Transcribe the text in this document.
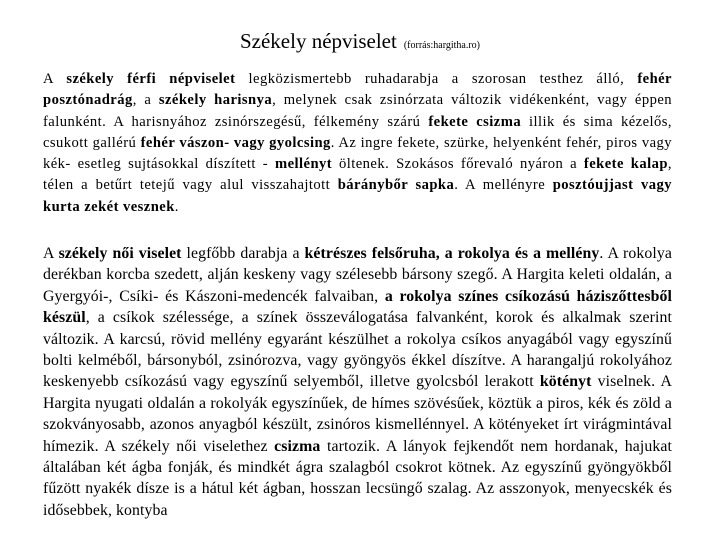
Székely népviselet (forrás:hargitha.ro)

A székely férfi népviselet legközismertebb ruhadarabja a szorosan testhez álló, fehér posztónadrág, a székely harisnya, melynek csak zsinórzata változik vidékenként, vagy éppen falunként. A harisnyához zsinórszegésű, félkemény szárú fekete csizma illik és sima kézelős, csukott gallérú fehér vászon- vagy gyolcsing. Az ingre fekete, szürke, helyenként fehér, piros vagy kék- esetleg sujtásokkal díszített - mellényt öltenek. Szokásos főrevaló nyáron a fekete kalap, télen a betűrt tetejű vagy alul visszahajtott báránybőr sapka. A mellényre posztóujjast vagy kurta zekét vesznek.

A székely női viselet legfőbb darabja a kétrészes felsőruha, a rokolya és a mellény. A rokolya derékban korcba szedett, alján keskeny vagy szélesebb bársony szegő. A Hargita keleti oldalán, a Gyergyói-, Csíki- és Kászoni-medencék falvaiban, a rokolya színes csíkozású háziszőttesből készül, a csíkok szélessége, a színek összeválogatása falvanként, korok és alkalmak szerint változik. A karcsú, rövid mellény egyaránt készülhet a rokolya csíkos anyagából vagy egyszínű bolti kelméből, bársonyból, zsinórozva, vagy gyöngyös ékkel díszítve. A harangaljú rokolyához keskenyebb csíkozású vagy egyszínű selyemből, illetve gyolcsból lerakott kötényt viselnek. A Hargita nyugati oldalán a rokolyák egyszínűek, de hímes szövésűek, köztük a piros, kék és zöld a szokványosabb, azonos anyagból készült, zsinóros kismellénnyel. A kötényeket írt virágmintával hímezik. A székely női viselethez csizma tartozik. A lányok fejkendőt nem hordanak, hajukat általában két ágba fonják, és mindkét ágra szalagból csokrot kötnek. Az egyszínű gyöngyökből fűzött nyakék dísze is a hátul két ágban, hosszan lecsüngő szalag. Az asszonyok, menyecskék és idősebbek, kontyba
